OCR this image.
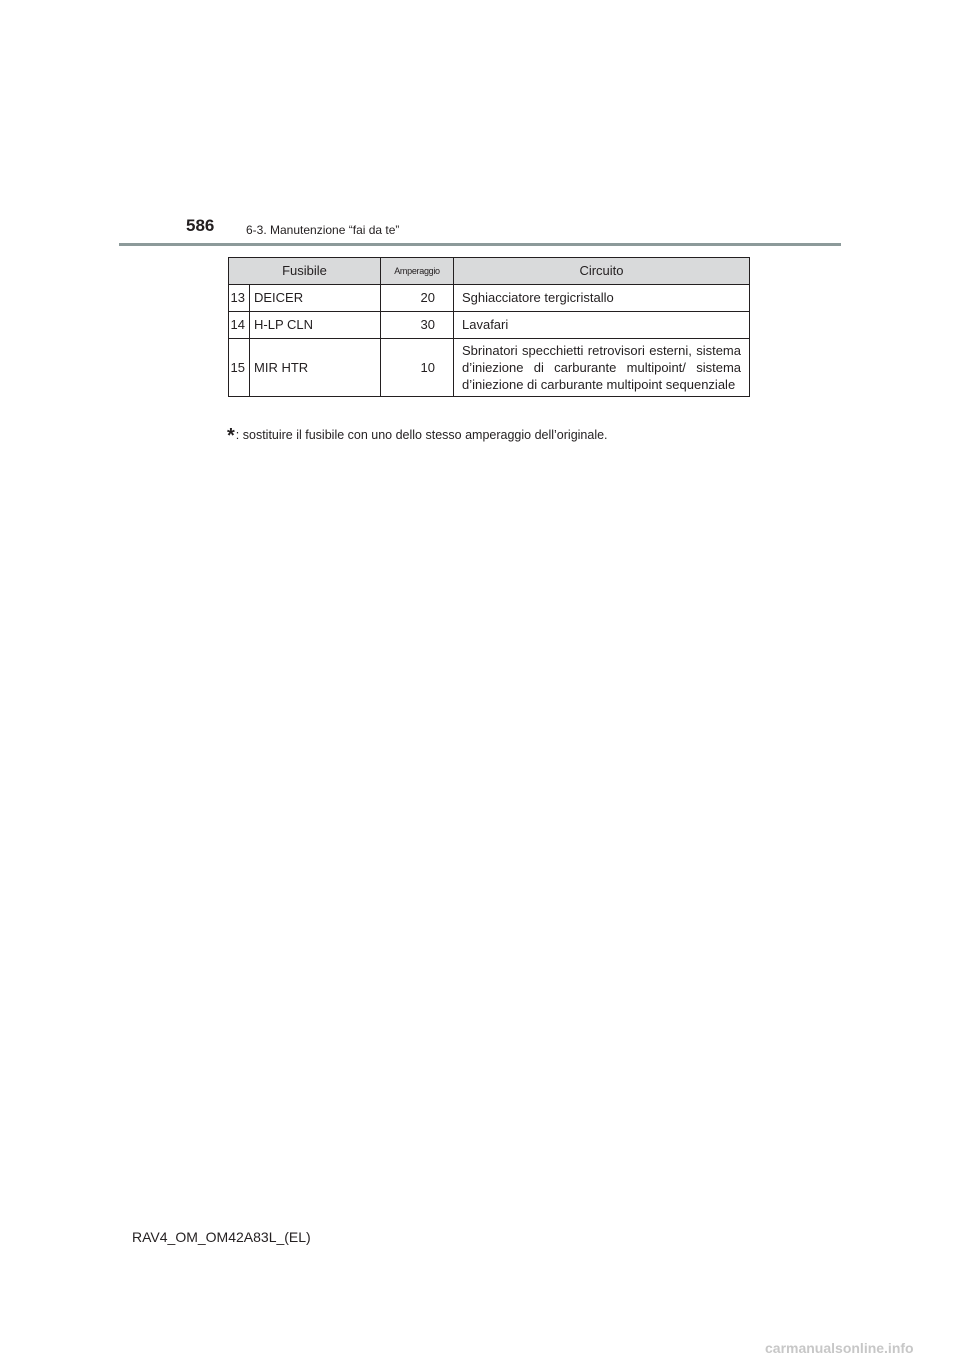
586	6-3. Manutenzione “fai da te”
Fusibile		Amperaggio	Circuito
13	DEICER	20	Sghiacciatore tergicristallo
14	H-LP CLN	30	Lavafari
15	MIR HTR	10	Sbrinatori specchietti retrovisori esterni, sistema d’iniezione di carburante multipoint/ sistema d’iniezione di carburante multipoint sequenziale
*: sostituire il fusibile con uno dello stesso amperaggio dell’originale.
RAV4_OM_OM42A83L_(EL)
carmanualsonline.info
